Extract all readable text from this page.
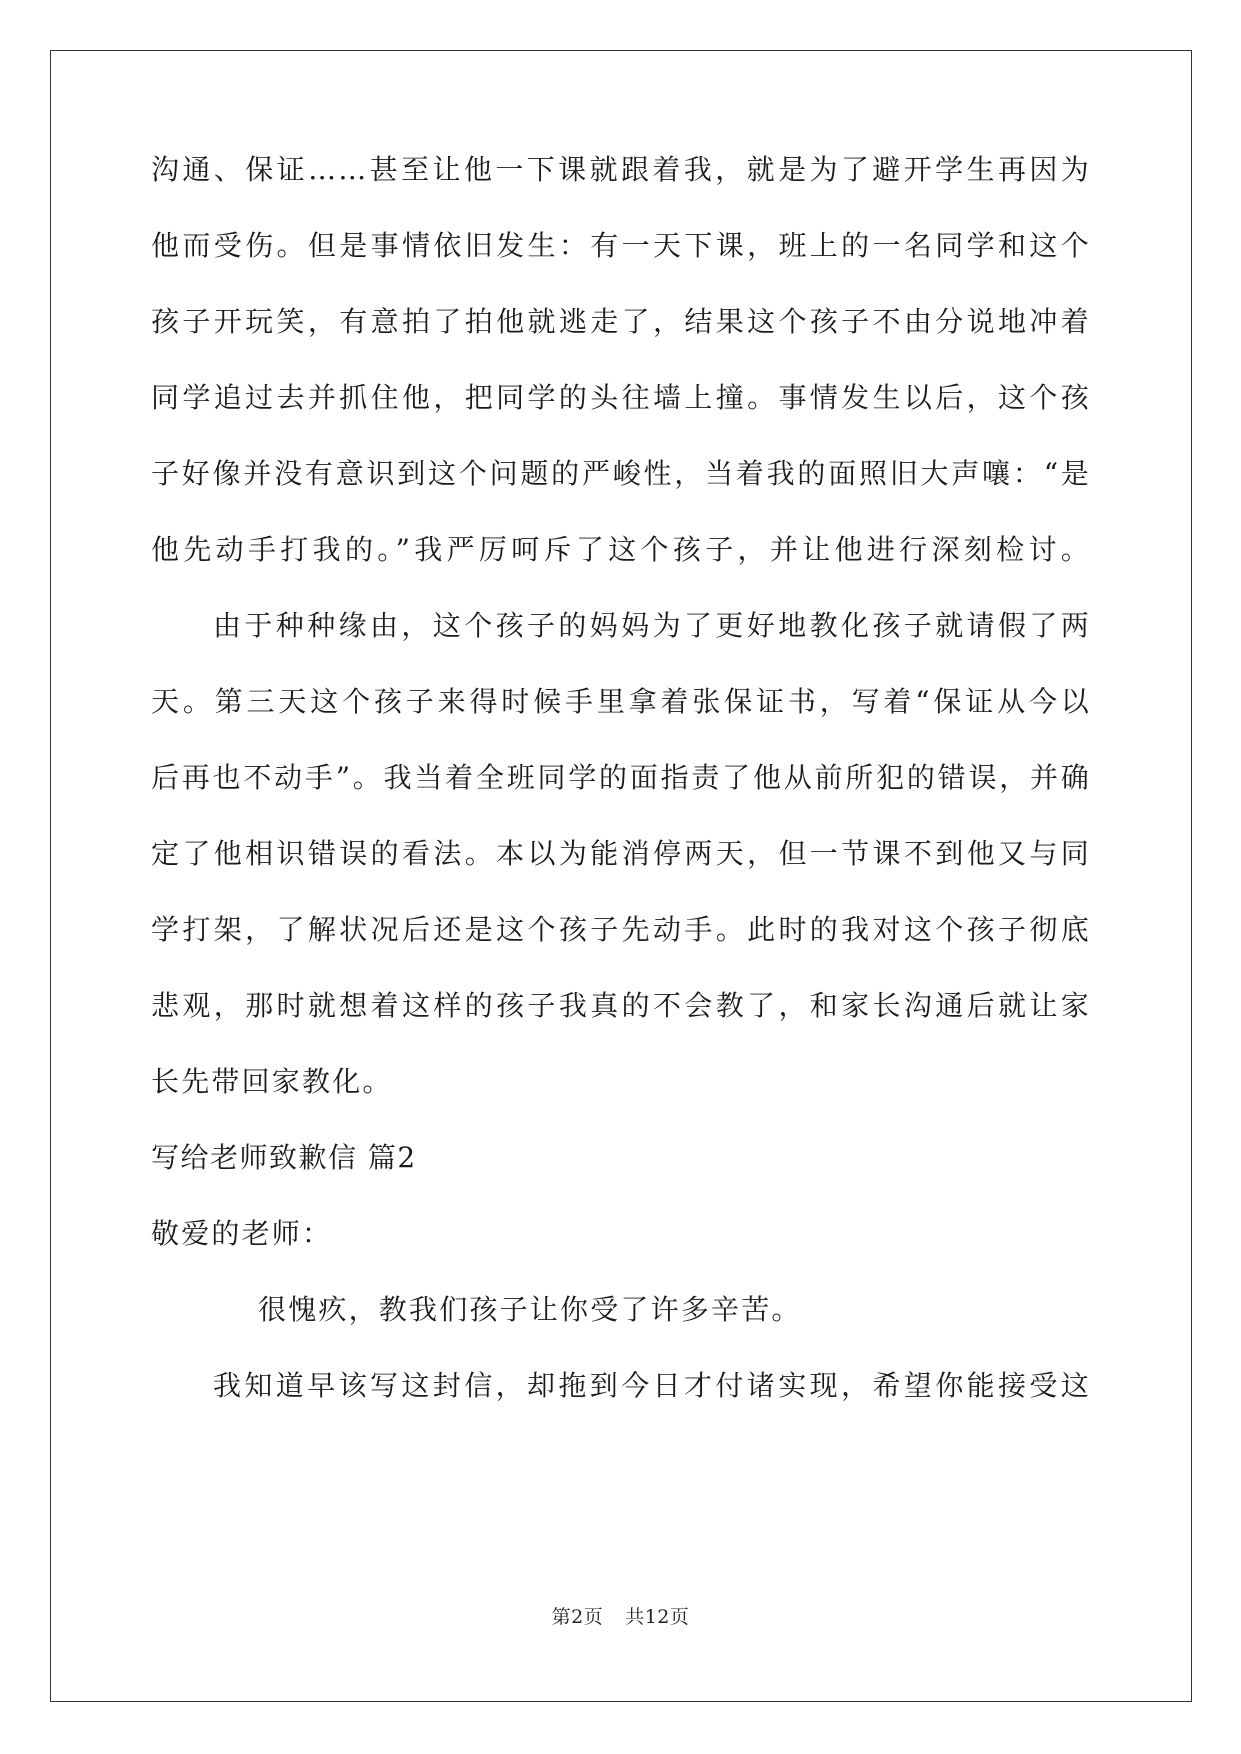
沟通、保证……甚至让他一下课就跟着我，就是为了避开学生再因为
他而受伤。但是事情依旧发生：有一天下课，班上的一名同学和这个
孩子开玩笑，有意拍了拍他就逃走了，结果这个孩子不由分说地冲着
同学追过去并抓住他，把同学的头往墙上撞。事情发生以后，这个孩
子好像并没有意识到这个问题的严峻性，当着我的面照旧大声嚷：“是
他先动手打我的。”我严厉呵斥了这个孩子，并让他进行深刻检讨。
由于种种缘由，这个孩子的妈妈为了更好地教化孩子就请假了两
天。第三天这个孩子来得时候手里拿着张保证书，写着“保证从今以
后再也不动手”。我当着全班同学的面指责了他从前所犯的错误，并确
定了他相识错误的看法。本以为能消停两天，但一节课不到他又与同
学打架，了解状况后还是这个孩子先动手。此时的我对这个孩子彻底
悲观，那时就想着这样的孩子我真的不会教了，和家长沟通后就让家
长先带回家教化。
写给老师致歉信 篇2
敬爱的老师：
很愧疚，教我们孩子让你受了许多辛苦。
我知道早该写这封信，却拖到今日才付诸实现，希望你能接受这
第2页 共12页
